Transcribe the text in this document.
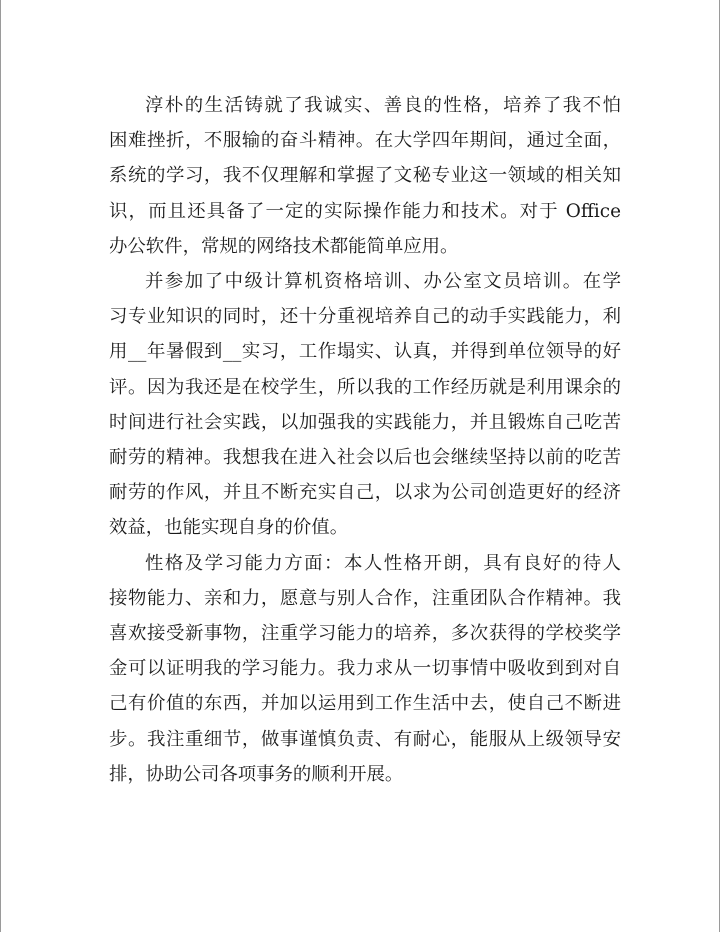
淳朴的生活铸就了我诚实、善良的性格，培养了我不怕
困难挫折，不服输的奋斗精神。在大学四年期间，通过全面，
系统的学习，我不仅理解和掌握了文秘专业这一领域的相关知
识，而且还具备了一定的实际操作能力和技术。对于 Office
办公软件，常规的网络技术都能简单应用。
并参加了中级计算机资格培训、办公室文员培训。在学
习专业知识的同时，还十分重视培养自己的动手实践能力，利
用__年暑假到__实习，工作塌实、认真，并得到单位领导的好
评。因为我还是在校学生，所以我的工作经历就是利用课余的
时间进行社会实践，以加强我的实践能力，并且锻炼自己吃苦
耐劳的精神。我想我在进入社会以后也会继续坚持以前的吃苦
耐劳的作风，并且不断充实自己，以求为公司创造更好的经济
效益，也能实现自身的价值。
性格及学习能力方面：本人性格开朗，具有良好的待人
接物能力、亲和力，愿意与别人合作，注重团队合作精神。我
喜欢接受新事物，注重学习能力的培养，多次获得的学校奖学
金可以证明我的学习能力。我力求从一切事情中吸收到到对自
己有价值的东西，并加以运用到工作生活中去，使自己不断进
步。我注重细节，做事谨慎负责、有耐心，能服从上级领导安
排，协助公司各项事务的顺利开展。
